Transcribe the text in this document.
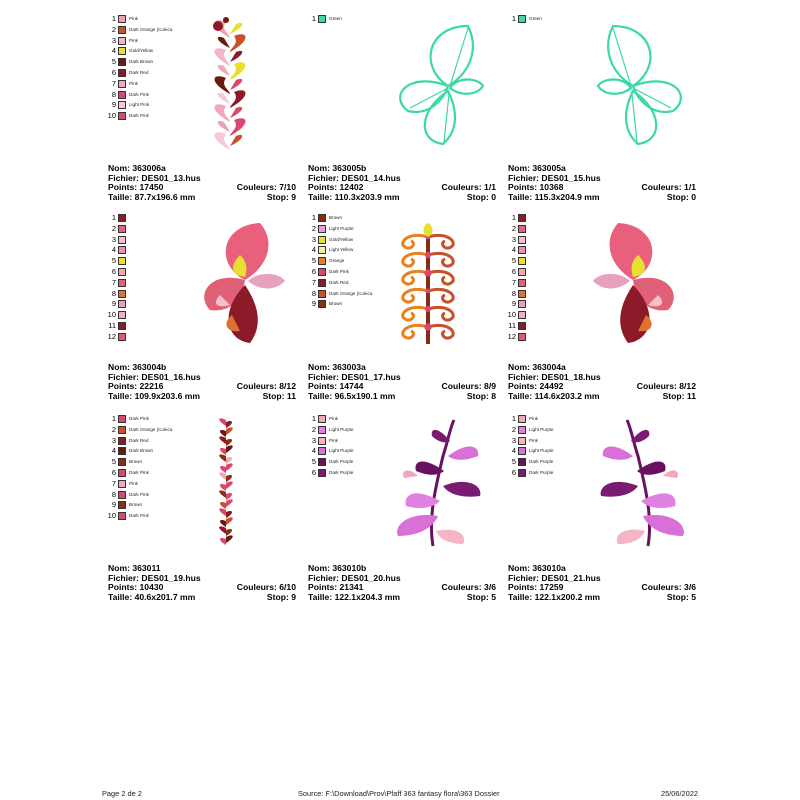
1	Pink
2	Dark Orange (Culeca
3	Pink
4	Gold/Yellow
5	Dark Brown
6	Dark Red
7	Pink
8	Dark Pink
9	Light Pink
10	Dark Pink
Nom: 363006a
Fichier: DES01_13.hus
Points: 17450	Couleurs: 7/10
Taille: 87.7x196.6 mm	Stop: 9
1	Green
Nom: 363005b
Fichier: DES01_14.hus
Points: 12402	Couleurs: 1/1
Taille: 110.3x203.9 mm	Stop: 0
1	Green
Nom: 363005a
Fichier: DES01_15.hus
Points: 10368	Couleurs: 1/1
Taille: 115.3x204.9 mm	Stop: 0
1
2
3
4
5
6
7
8
9
10
11
12
Nom: 363004b
Fichier: DES01_16.hus
Points: 22216	Couleurs: 8/12
Taille: 109.9x203.6 mm	Stop: 11
1	Brown
2	Light Purple
3	Gold/Yellow
4	Light Yellow
5	Orange
6	Dark Pink
7	Dark Red
8	Dark Orange (Culeca
9	Brown
Nom: 363003a
Fichier: DES01_17.hus
Points: 14744	Couleurs: 8/9
Taille: 96.5x190.1 mm	Stop: 8
1
2
3
4
5
6
7
8
9
10
11
12
Nom: 363004a
Fichier: DES01_18.hus
Points: 24492	Couleurs: 8/12
Taille: 114.6x203.2 mm	Stop: 11
1	Dark Pink
2	Dark Orange (Culeca
3	Dark Red
4	Dark Brown
5	Brown
6	Dark Pink
7	Pink
8	Dark Pink
9	Brown
10	Dark Pink
Nom: 363011
Fichier: DES01_19.hus
Points: 10430	Couleurs: 6/10
Taille: 40.6x201.7 mm	Stop: 9
1	Pink
2	Light Purple
3	Pink
4	Light Purple
5	Dark Purple
6	Dark Purple
Nom: 363010b
Fichier: DES01_20.hus
Points: 21341	Couleurs: 3/6
Taille: 122.1x204.3 mm	Stop: 5
1	Pink
2	Light Purple
3	Pink
4	Light Purple
5	Dark Purple
6	Dark Purple
Nom: 363010a
Fichier: DES01_21.hus
Points: 17259	Couleurs: 3/6
Taille: 122.1x200.2 mm	Stop: 5
Page 2 de 2	Source: F:\Download\Prov\Pfaff 363 fantasy flora\363 Dossier	25/06/2022
